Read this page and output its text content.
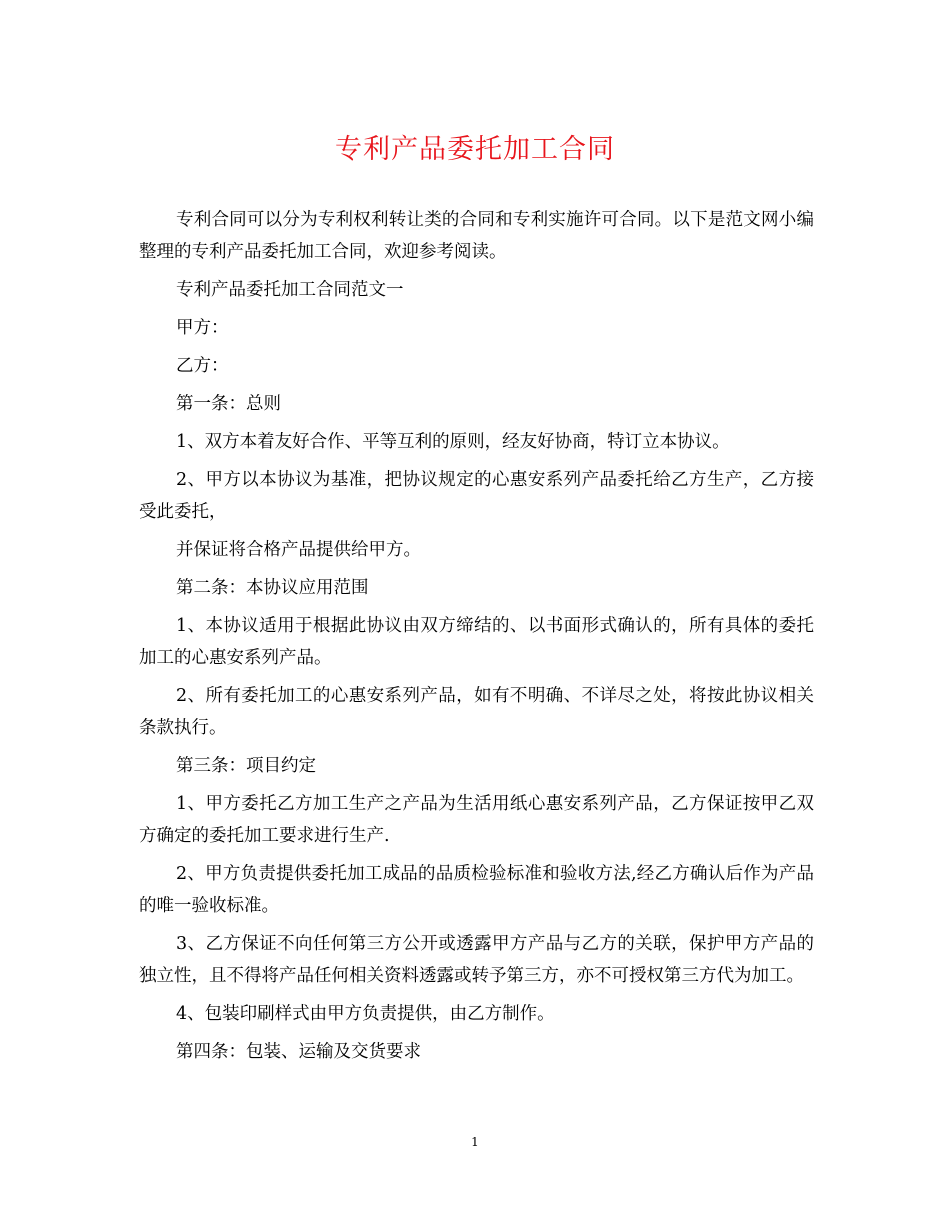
专利产品委托加工合同

专利合同可以分为专利权利转让类的合同和专利实施许可合同。以下是范文网小编整理的专利产品委托加工合同，欢迎参考阅读。

专利产品委托加工合同范文一

甲方：

乙方：

第一条：总则

1、双方本着友好合作、平等互利的原则，经友好协商，特订立本协议。

2、甲方以本协议为基准，把协议规定的心惠安系列产品委托给乙方生产，乙方接受此委托，

并保证将合格产品提供给甲方。

第二条：本协议应用范围

1、本协议适用于根据此协议由双方缔结的、以书面形式确认的，所有具体的委托加工的心惠安系列产品。

2、所有委托加工的心惠安系列产品，如有不明确、不详尽之处，将按此协议相关条款执行。

第三条：项目约定

1、甲方委托乙方加工生产之产品为生活用纸心惠安系列产品，乙方保证按甲乙双方确定的委托加工要求进行生产.

2、甲方负责提供委托加工成品的品质检验标准和验收方法,经乙方确认后作为产品的唯一验收标准。

3、乙方保证不向任何第三方公开或透露甲方产品与乙方的关联，保护甲方产品的独立性，且不得将产品任何相关资料透露或转予第三方，亦不可授权第三方代为加工。

4、包装印刷样式由甲方负责提供，由乙方制作。

第四条：包装、运输及交货要求

1
